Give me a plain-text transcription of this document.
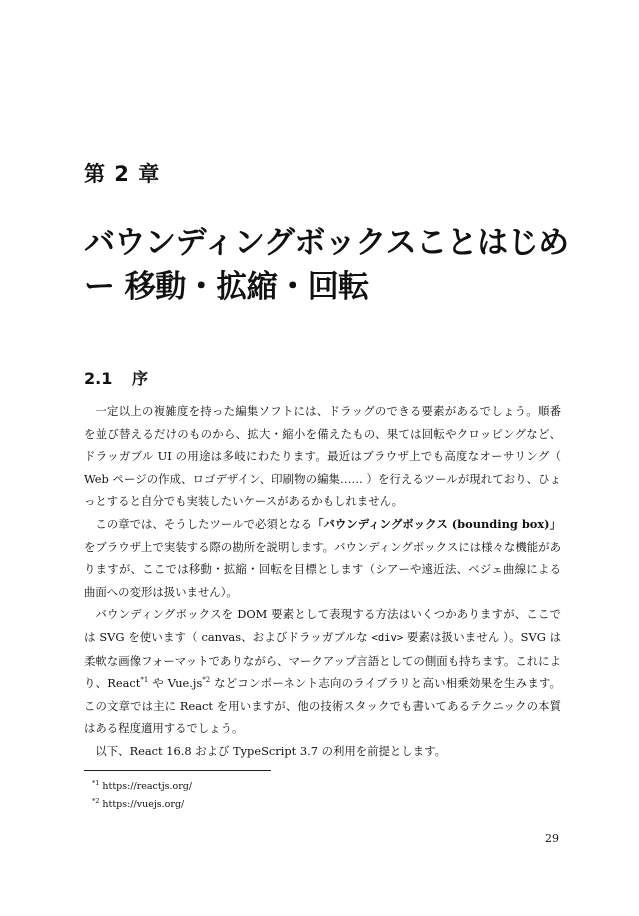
第 2 章
バウンディングボックスことはじめ
ー 移動・拡縮・回転
2.1 序

一定以上の複雑度を持った編集ソフトには、ドラッグのできる要素があるでしょう。順番を並び替えるだけのものから、拡大・縮小を備えたもの、果ては回転やクロッピングなど、ドラッガブル UI の用途は多岐にわたります。最近はブラウザ上でも高度なオーサリング（ Web ページの作成、ロゴデザイン、印刷物の編集…… ）を行えるツールが現れており、ひょっとすると自分でも実装したいケースがあるかもしれません。

この章では、そうしたツールで必須となる「バウンディングボックス (bounding box)」をブラウザ上で実装する際の勘所を説明します。バウンディングボックスには様々な機能がありますが、ここでは移動・拡縮・回転を目標とします（シアーや遠近法、ベジェ曲線による曲面への変形は扱いません）。

バウンディングボックスを DOM 要素として表現する方法はいくつかありますが、ここでは SVG を使います（ canvas、およびドラッガブルな <div> 要素は扱いません ）。SVG は柔軟な画像フォーマットでありながら、マークアップ言語としての側面も持ちます。これにより、React$^{*1}$ や $Vue.js^{*2}$ などコンポーネント志向のライブラリと高い相乗効果を生みます。この文章では主に React を用いますが、他の技術スタックでも書いてあるテクニックの本質はある程度適用するでしょう。

以下、React 16.8 および TypeScript 3.7 の利用を前提とします。

$^{*1}$ https://reactjs.org/
$^{*2}$ https://vuejs.org/
29
